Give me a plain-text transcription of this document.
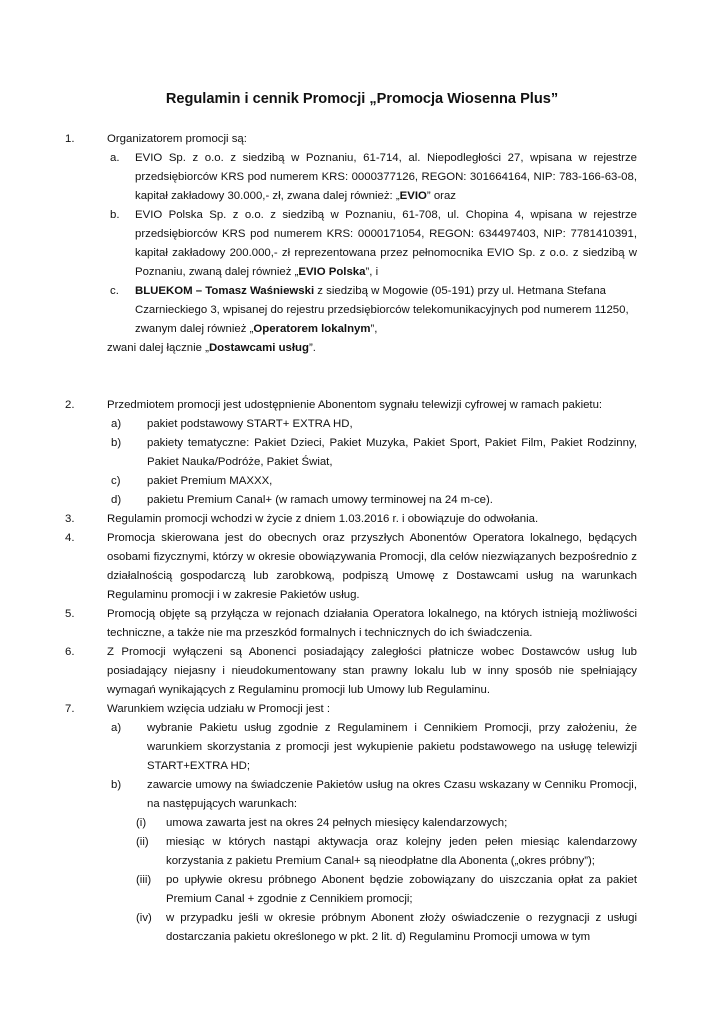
Regulamin i cennik Promocji „Promocja Wiosenna Plus”
1.	Organizatorem promocji są:
a.	EVIO Sp. z o.o. z siedzibą w Poznaniu, 61-714, al. Niepodległości 27, wpisana w rejestrze przedsiębiorców KRS pod numerem KRS: 0000377126, REGON: 301664164, NIP: 783-166-63-08, kapitał zakładowy 30.000,- zł, zwana dalej również: „EVIO” oraz
b.	EVIO Polska Sp. z o.o. z siedzibą w Poznaniu, 61-708, ul. Chopina 4, wpisana w rejestrze przedsiębiorców KRS pod numerem KRS: 0000171054, REGON: 634497403, NIP: 7781410391, kapitał zakładowy 200.000,- zł reprezentowana przez pełnomocnika EVIO Sp. z o.o. z siedzibą w Poznaniu, zwaną dalej również „EVIO Polska”, i
c.	BLUEKOM – Tomasz Waśniewski z siedzibą w Mogowie (05-191) przy ul. Hetmana Stefana Czarnieckiego 3, wpisanej do rejestru przedsiębiorców telekomunikacyjnych pod numerem 11250, zwanym dalej również „Operatorem lokalnym”,
zwani dalej łącznie „Dostawcami usług”.
2.	Przedmiotem promocji jest udostępnienie Abonentom sygnału telewizji cyfrowej w ramach pakietu:
a)	pakiet podstawowy START+ EXTRA HD,
b)	pakiety tematyczne: Pakiet Dzieci, Pakiet Muzyka, Pakiet Sport, Pakiet Film, Pakiet Rodzinny, Pakiet Nauka/Podróże, Pakiet Świat,
c)	pakiet Premium MAXXX,
d)	pakietu Premium Canal+ (w ramach umowy terminowej na 24 m-ce).
3.	Regulamin promocji wchodzi w życie z dniem 1.03.2016 r. i obowiązuje do odwołania.
4.	Promocja skierowana jest do obecnych oraz przyszłych Abonentów Operatora lokalnego, będących osobami fizycznymi, którzy w okresie obowiązywania Promocji, dla celów niezwiązanych bezpośrednio z działalnością gospodarczą lub zarobkową, podpiszą Umowę z Dostawcami usług na warunkach Regulaminu promocji i w zakresie Pakietów usług.
5.	Promocją objęte są przyłącza w rejonach działania Operatora lokalnego, na których istnieją możliwości techniczne, a także nie ma przeszkód formalnych i technicznych do ich świadczenia.
6.	Z Promocji wyłączeni są Abonenci posiadający zaległości płatnicze wobec Dostawców usług lub posiadający niejasny i nieudokumentowany stan prawny lokalu lub w inny sposób nie spełniający wymagań wynikających z Regulaminu promocji lub Umowy lub Regulaminu.
7.	Warunkiem wzięcia udziału w Promocji jest :
a)	wybranie Pakietu usług zgodnie z Regulaminem i Cennikiem Promocji, przy założeniu, że warunkiem skorzystania z promocji jest wykupienie pakietu podstawowego na usługę telewizji START+EXTRA HD;
b)	zawarcie umowy na świadczenie Pakietów usług na okres Czasu wskazany w Cenniku Promocji, na następujących warunkach:
(i)	umowa zawarta jest na okres 24 pełnych miesięcy kalendarzowych;
(ii)	miesiąc w których nastąpi aktywacja oraz kolejny jeden pełen miesiąc kalendarzowy korzystania z pakietu Premium Canal+ są nieodpłatne dla Abonenta („okres próbny”);
(iii)	po upływie okresu próbnego Abonent będzie zobowiązany do uiszczania opłat za pakiet Premium Canal + zgodnie z Cennikiem promocji;
(iv)	w przypadku jeśli w okresie próbnym Abonent złoży oświadczenie o rezygnacji z usługi dostarczania pakietu określonego w pkt. 2 lit. d) Regulaminu Promocji umowa w tym
